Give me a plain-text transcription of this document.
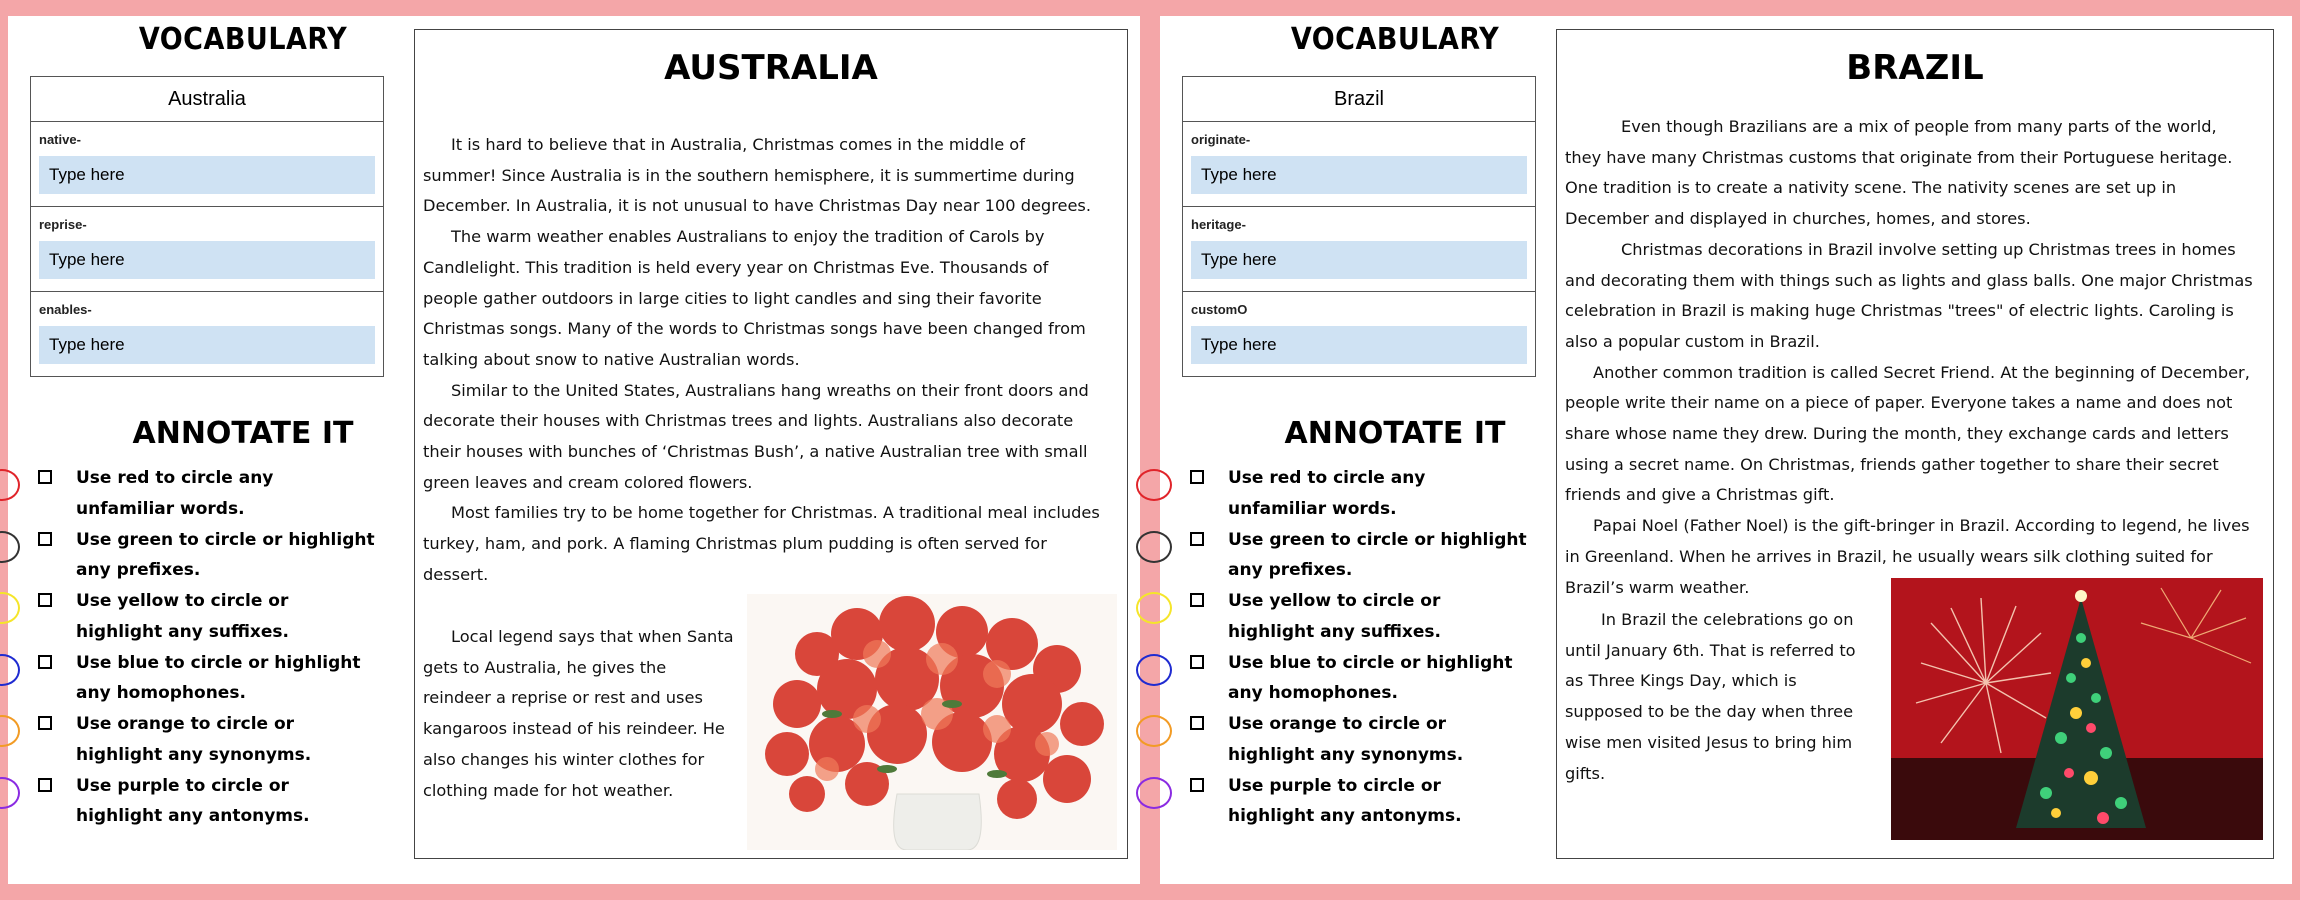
VOCABULARY
Australia
native-
Type here
reprise-
Type here
enables-
Type here
ANNOTATE IT
Use red to circle any unfamiliar words.
Use green to circle or highlight any prefixes.
Use yellow to circle or highlight any suffixes.
Use blue to circle or highlight any homophones.
Use orange to circle or highlight any synonyms.
Use purple to circle or highlight any antonyms.
AUSTRALIA

It is hard to believe that in Australia, Christmas comes in the middle of summer! Since Australia is in the southern hemisphere, it is summertime during December. In Australia, it is not unusual to have Christmas Day near 100 degrees.

The warm weather enables Australians to enjoy the tradition of Carols by Candlelight. This tradition is held every year on Christmas Eve. Thousands of people gather outdoors in large cities to light candles and sing their favorite Christmas songs. Many of the words to Christmas songs have been changed from talking about snow to native Australian words.

Similar to the United States, Australians hang wreaths on their front doors and decorate their houses with Christmas trees and lights. Australians also decorate their houses with bunches of ‘Christmas Bush’, a native Australian tree with small green leaves and cream colored flowers.

Most families try to be home together for Christmas. A traditional meal includes turkey, ham, and pork. A flaming Christmas plum pudding is often served for dessert.

Local legend says that when Santa gets to Australia, he gives the reindeer a reprise or rest and uses kangaroos instead of his reindeer. He also changes his winter clothes for clothing made for hot weather.
VOCABULARY
Brazil
originate-
Type here
heritage-
Type here
customO
Type here
ANNOTATE IT
Use red to circle any unfamiliar words.
Use green to circle or highlight any prefixes.
Use yellow to circle or highlight any suffixes.
Use blue to circle or highlight any homophones.
Use orange to circle or highlight any synonyms.
Use purple to circle or highlight any antonyms.
BRAZIL

Even though Brazilians are a mix of people from many parts of the world, they have many Christmas customs that originate from their Portuguese heritage. One tradition is to create a nativity scene. The nativity scenes are set up in December and displayed in churches, homes, and stores.

Christmas decorations in Brazil involve setting up Christmas trees in homes and decorating them with things such as lights and glass balls. One major Christmas celebration in Brazil is making huge Christmas "trees" of electric lights. Caroling is also a popular custom in Brazil.

Another common tradition is called Secret Friend. At the beginning of December, people write their name on a piece of paper. Everyone takes a name and does not share whose name they drew. During the month, they exchange cards and letters using a secret name. On Christmas, friends gather together to share their secret friends and give a Christmas gift.

Papai Noel (Father Noel) is the gift-bringer in Brazil. According to legend, he lives in Greenland. When he arrives in Brazil, he usually wears silk clothing suited for Brazil’s warm weather.

In Brazil the celebrations go on until January 6th. That is referred to as Three Kings Day, which is supposed to be the day when three wise men visited Jesus to bring him gifts.
